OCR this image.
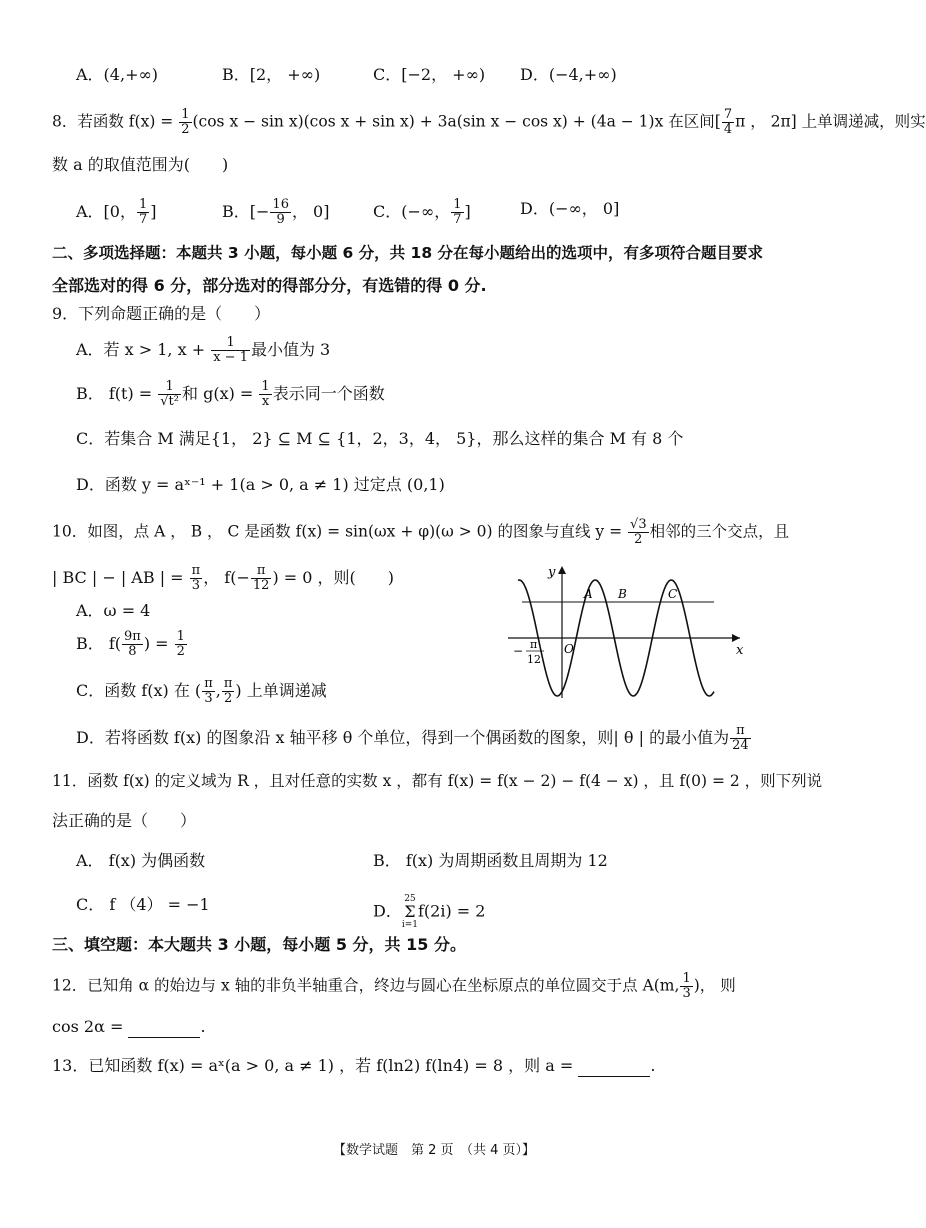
A．(4,+∞)	B．[2， +∞)	C．[−2， +∞) D．(−4,+∞)
8．若函数 $f(x) = \frac{1}{2} (\cos$ x − sin x)(cos x + sin x) + 3a(sin x − cos x) + (4a − 1)x 在区间[ $\frac{7}{4}$ π ， 2π] 上单调递减，则实
数 a 的取值范围为(　　)
A．[0， $\frac{1}{7}$ ]	B．[− $\frac{16}{9}$ ， 0]	C．(−∞， $\frac{1}{7}$ ]	D．(−∞， 0]
二、多项选择题：本题共 3 小题，每小题 6 分，共 18 分在每小题给出的选项中，有多项符合题目要求
全部选对的得 6 分，部分选对的得部分分，有选错的得 0 分.
9．下列命题正确的是（　　）
A．若 x > 1, $x + \frac{1}{x - 1}$ 最小值为 3
B． $f(t) = \frac{1}{\text{√t²}}$ 和 $g(x) = \frac{1}{x}$ 表示同一个函数
C．若集合 M 满足{1， 2} ⊆ M ⊆ {1，2，3，4， 5}，那么这样的集合 M 有 8 个
D．函数 y = aˣ⁻¹ + 1(a > 0, a ≠ 1) 过定点 (0,1)
10．如图，点 A ， B ， C 是函数 f(x) = sin(ωx + φ)(ω > 0) 的图象与直线 $y = \frac{√3}{2}$ 相邻的三个交点，且
| BC | − | AB | = $\frac{\pi}{3}$ ， $f(- \frac{\pi}{12}$ ) = 0 ，则(　　)
A．ω = 4
B． $f( \frac{9\pi}{8}$ ) = $\frac{1}{2}$
C．函数 f(x) 在 ( $\frac{\pi}{3}$ , $\frac{\pi}{2}$ ) 上单调递减
D．若将函数 f(x) 的图象沿 x 轴平移 θ 个单位，得到一个偶函数的图象，则| θ | 的最小值为 $\frac{\pi}{24}$
y
x
O
A B	C
− π
12
11．函数 f(x) 的定义域为 R ，且对任意的实数 x ，都有 f(x) = f(x − 2) − f(4 − x) ，且 f(0) = 2 ，则下列说
法正确的是（　　）
A． f(x) 为偶函数	B． f(x) 为周期函数且周期为 12
C． f （4） = −1	D．
25
Σ
i=1
f(2i) = 2
三、填空题：本大题共 3 小题，每小题 5 分，共 15 分。
12．已知角 α 的始边与 x 轴的非负半轴重合，终边与圆心在坐标原点的单位圆交于点 A(m, $\frac{1}{3}$ )， 则
cos 2α =	.
13．已知函数 f(x) = aˣ(a > 0, a ≠ 1) ，若 f(ln2) f(ln4) = 8 ，则 a =	.
【数学试题　第 2 页　（共 4 页）】
